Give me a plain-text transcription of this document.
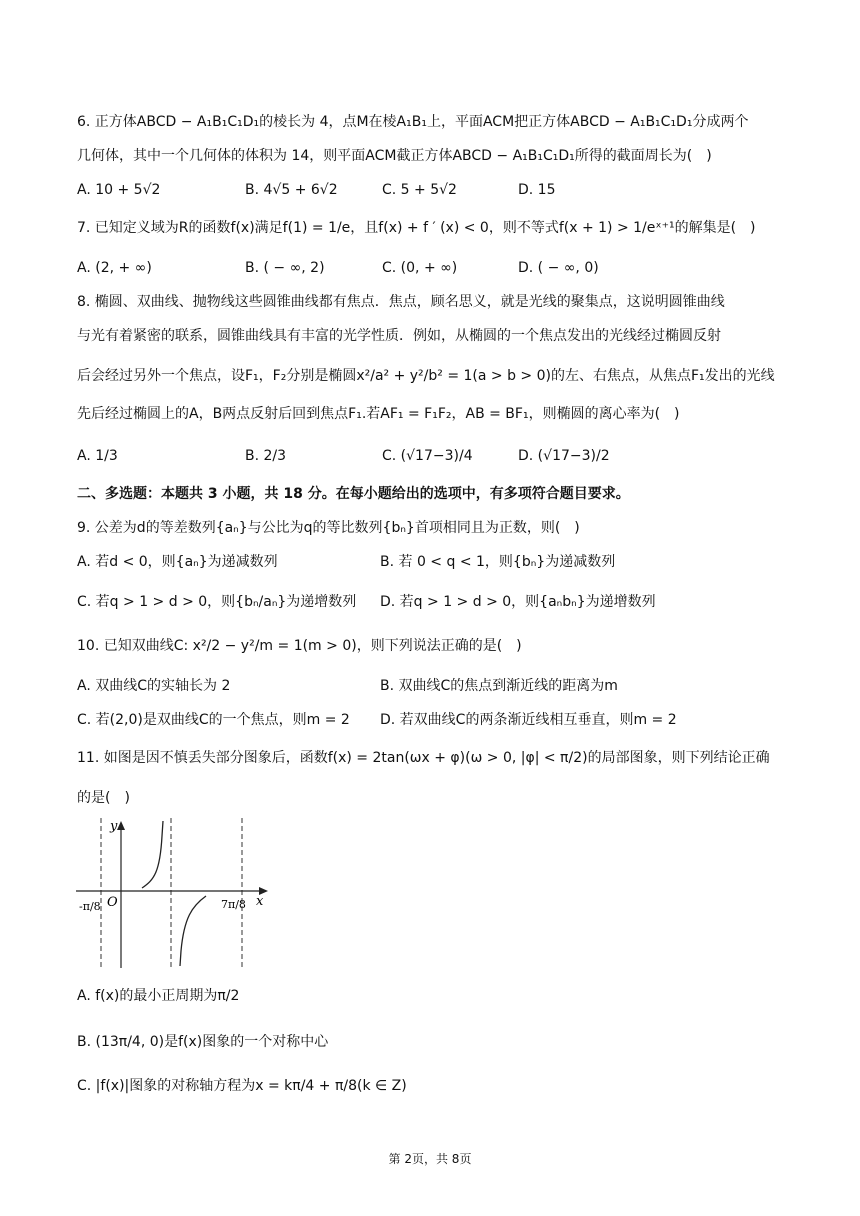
6. 正方体ABCD − A₁B₁C₁D₁的棱长为 4，点M在棱A₁B₁上，平面ACM把正方体ABCD − A₁B₁C₁D₁分成两个
几何体，其中一个几何体的体积为 14，则平面ACM截正方体ABCD − A₁B₁C₁D₁所得的截面周长为(　)
A. 10 + 5√2	B. 4√5 + 6√2	C. 5 + 5√2	D. 15
7. 已知定义域为R的函数f(x)满足f(1) = 1/e，且f(x) + f ′ (x) < 0，则不等式f(x + 1) > 1/eˣ⁺¹的解集是(　)
A. (2, + ∞)	B. ( − ∞, 2)	C. (0, + ∞)	D. ( − ∞, 0)
8. 椭圆、双曲线、抛物线这些圆锥曲线都有焦点．焦点，顾名思义，就是光线的聚集点，这说明圆锥曲线
与光有着紧密的联系，圆锥曲线具有丰富的光学性质．例如，从椭圆的一个焦点发出的光线经过椭圆反射
后会经过另外一个焦点，设F₁，F₂分别是椭圆x²/a² + y²/b² = 1(a > b > 0)的左、右焦点，从焦点F₁发出的光线
先后经过椭圆上的A，B两点反射后回到焦点F₁.若AF₁ = F₁F₂，AB = BF₁，则椭圆的离心率为(　)
A. 1/3	B. 2/3	C. (√17−3)/4	D. (√17−3)/2
二、多选题：本题共 3 小题，共 18 分。在每小题给出的选项中，有多项符合题目要求。
9. 公差为d的等差数列{aₙ}与公比为q的等比数列{bₙ}首项相同且为正数，则(　)
A. 若d < 0，则{aₙ}为递减数列	B. 若 0 < q < 1，则{bₙ}为递减数列
C. 若q > 1 > d > 0，则{bₙ/aₙ}为递增数列 D. 若q > 1 > d > 0，则{aₙbₙ}为递增数列
10. 已知双曲线C: x²/2 − y²/m = 1(m > 0)，则下列说法正确的是(　)
A. 双曲线C的实轴长为 2	B. 双曲线C的焦点到渐近线的距离为m
C. 若(2,0)是双曲线C的一个焦点，则m = 2 D. 若双曲线C的两条渐近线相互垂直，则m = 2
11. 如图是因不慎丢失部分图象后，函数f(x) = 2tan(ωx + φ)(ω > 0, |φ| < π/2)的局部图象，则下列结论正确
的是(　)
y
x
O
-π/8	7π/8
A. f(x)的最小正周期为π/2
B. (13π/4, 0)是f(x)图象的一个对称中心
C. |f(x)|图象的对称轴方程为x = kπ/4 + π/8(k ∈ Z)
第 2页，共 8页
